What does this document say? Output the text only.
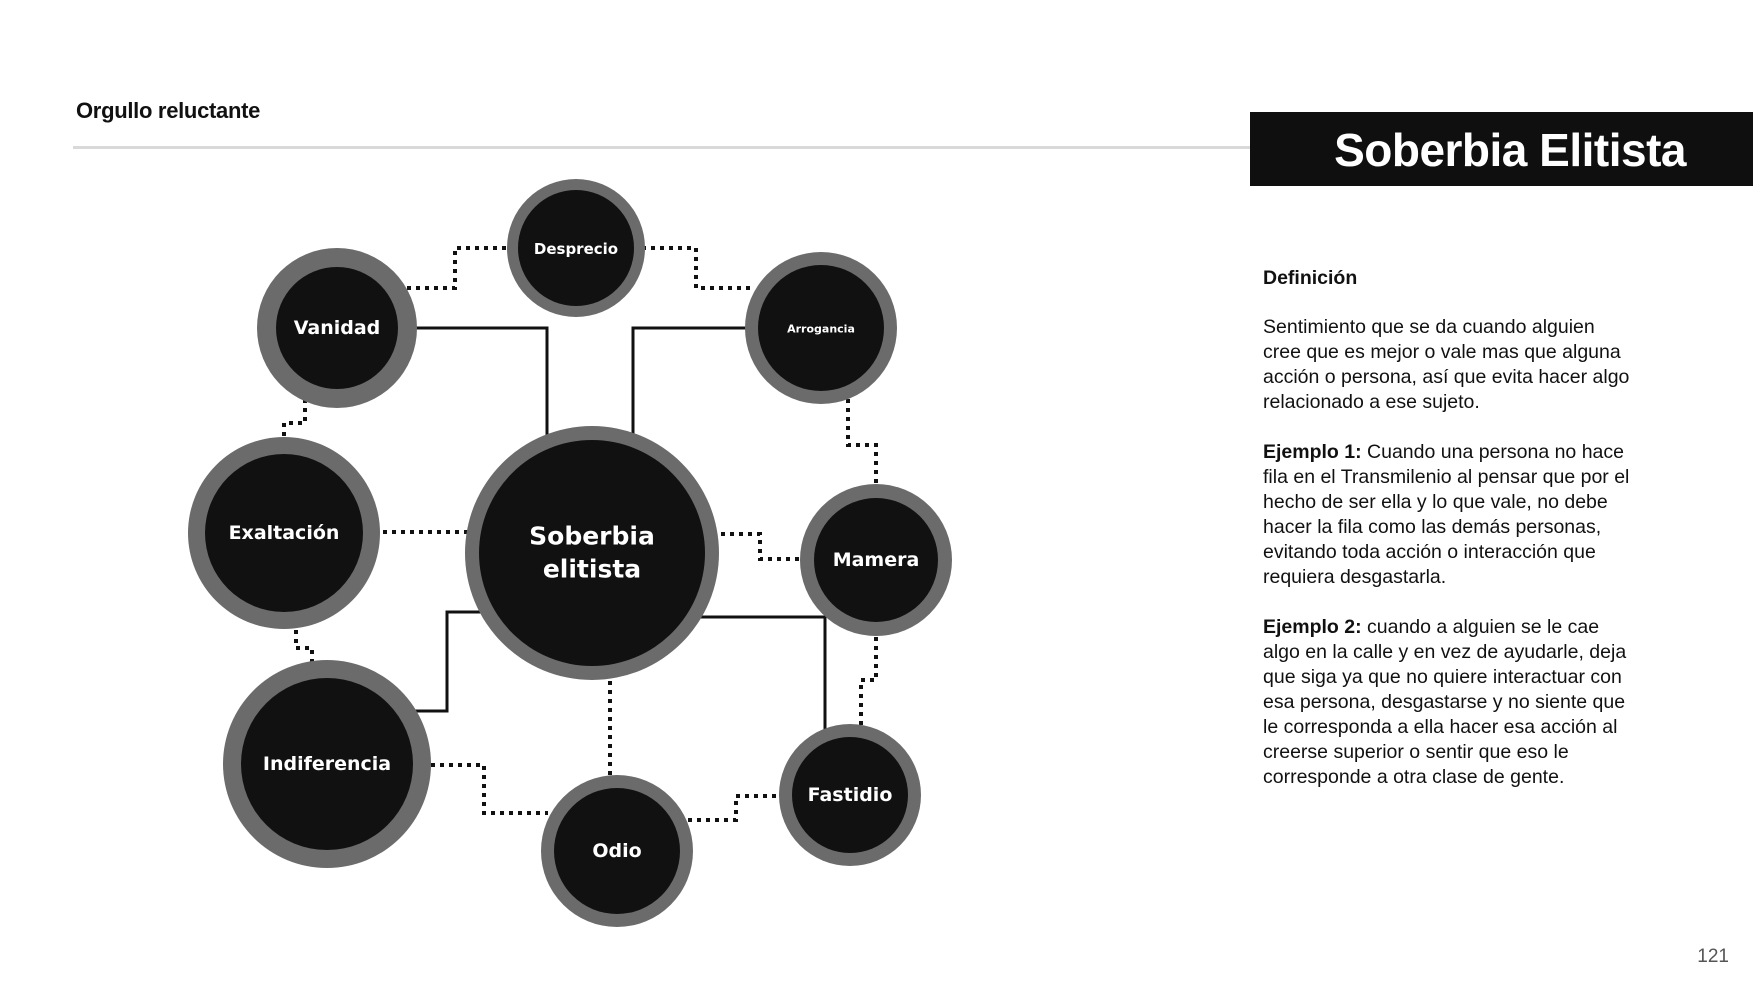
Orgullo reluctante
Soberbia Elitista
Desprecio
Vanidad	Arrogancia
Exaltación	Soberbia
elitista	Mamera
Indiferencia
Fastidio
Odio
Definición

Sentimiento que se da cuando alguien cree que es mejor o vale mas que alguna acción o persona, así que evita hacer algo relacionado a ese sujeto.

Ejemplo 1: Cuando una persona no hace fila en el Transmilenio al pensar que por el hecho de ser ella y lo que vale, no debe hacer la fila como las demás personas, evitando toda acción o interacción que requiera desgastarla.

Ejemplo 2: cuando a alguien se le cae algo en la calle y en vez de ayudarle, deja que siga ya que no quiere interactuar con esa persona, desgastarse y no siente que le corresponda a ella hacer esa acción al creerse superior o sentir que eso le corresponde a otra clase de gente.

121
